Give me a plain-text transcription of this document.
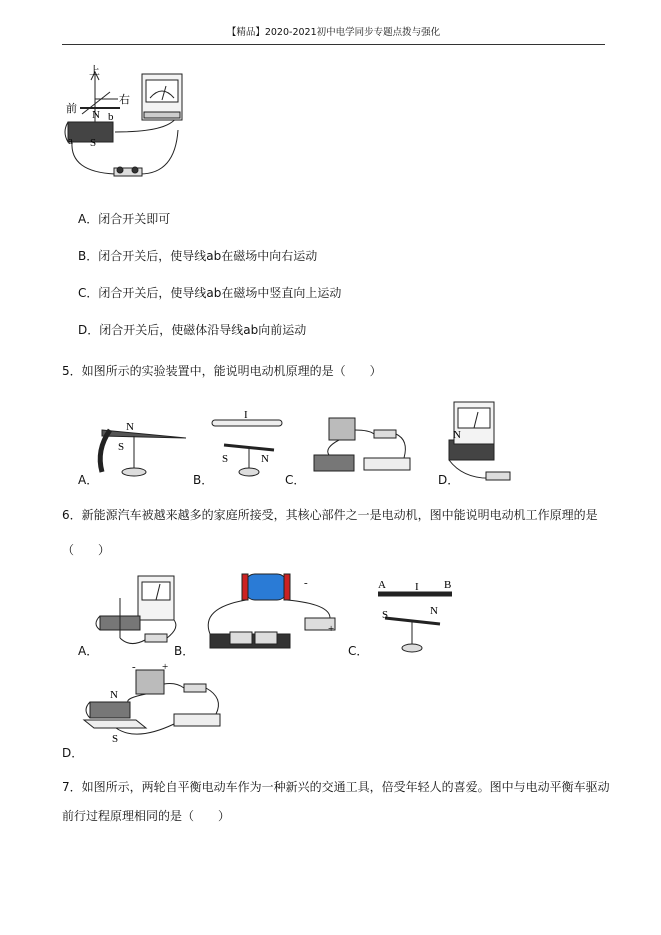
【精品】2020-2021初中电学同步专题点拨与强化
上
右
前 N
S
a
b
A．闭合开关即可
B．闭合开关后，使导线ab在磁场中向右运动
C．闭合开关后，使导线ab在磁场中竖直向上运动
D．闭合开关后，使磁体沿导线ab向前运动
5．如图所示的实验装置中，能说明电动机原理的是（　　）
N
S
I
S	N
N
A．	B．	C．	D．
6．新能源汽车被越来越多的家庭所接受，其核心部件之一是电动机，图中能说明电动机工作原理的是
（　　）
-
+
A	I B
S	N
A．	B．	C．
- +
N
S
D．
7．如图所示，两轮自平衡电动车作为一种新兴的交通工具，倍受年轻人的喜爱。图中与电动平衡车驱动
前行过程原理相同的是（　　）
